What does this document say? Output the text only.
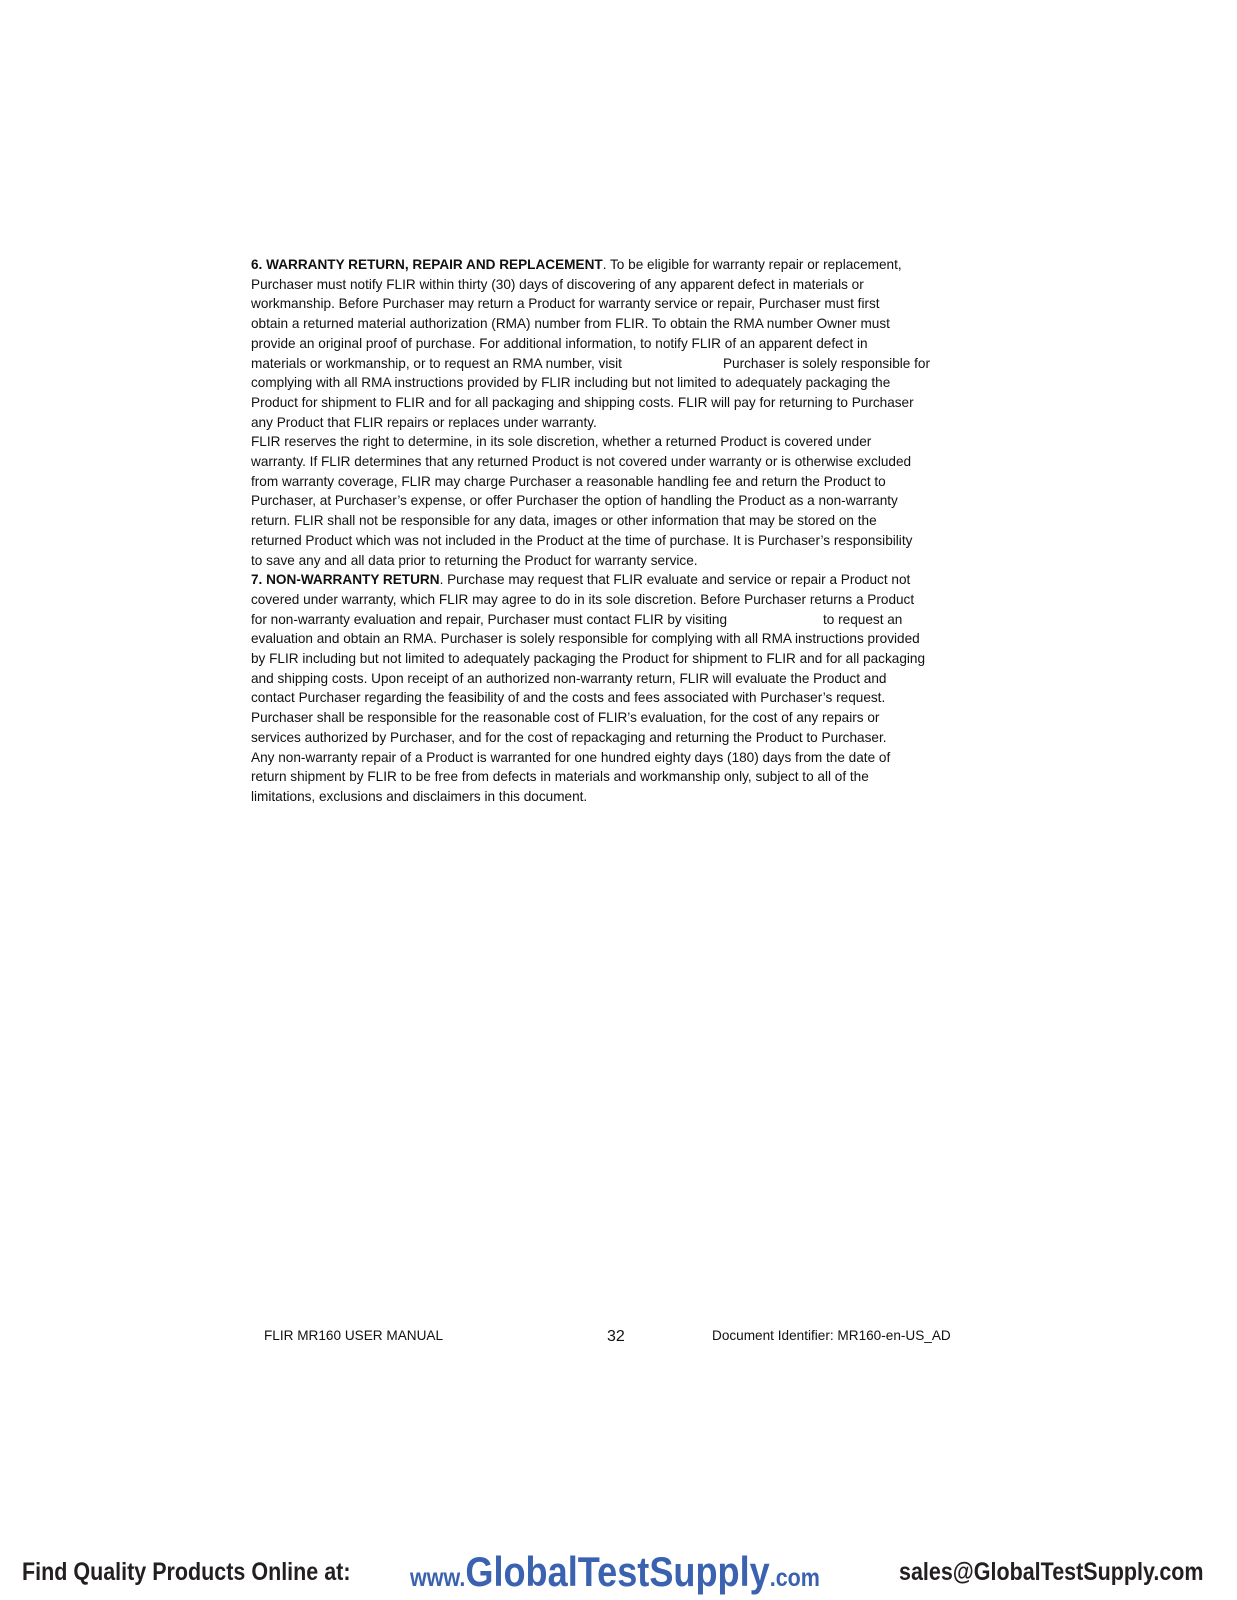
6. WARRANTY RETURN, REPAIR AND REPLACEMENT. To be eligible for warranty repair or replacement,
Purchaser must notify FLIR within thirty (30) days of discovering of any apparent defect in materials or
workmanship. Before Purchaser may return a Product for warranty service or repair, Purchaser must first
obtain a returned material authorization (RMA) number from FLIR. To obtain the RMA number Owner must
provide an original proof of purchase. For additional information, to notify FLIR of an apparent defect in
materials or workmanship, or to request an RMA number, visit	Purchaser is solely responsible for
complying with all RMA instructions provided by FLIR including but not limited to adequately packaging the
Product for shipment to FLIR and for all packaging and shipping costs. FLIR will pay for returning to Purchaser
any Product that FLIR repairs or replaces under warranty.
FLIR reserves the right to determine, in its sole discretion, whether a returned Product is covered under
warranty. If FLIR determines that any returned Product is not covered under warranty or is otherwise excluded
from warranty coverage, FLIR may charge Purchaser a reasonable handling fee and return the Product to
Purchaser, at Purchaser’s expense, or offer Purchaser the option of handling the Product as a non-warranty
return. FLIR shall not be responsible for any data, images or other information that may be stored on the
returned Product which was not included in the Product at the time of purchase. It is Purchaser’s responsibility
to save any and all data prior to returning the Product for warranty service.
7. NON-WARRANTY RETURN. Purchase may request that FLIR evaluate and service or repair a Product not
covered under warranty, which FLIR may agree to do in its sole discretion. Before Purchaser returns a Product
for non-warranty evaluation and repair, Purchaser must contact FLIR by visiting	to request an
evaluation and obtain an RMA. Purchaser is solely responsible for complying with all RMA instructions provided
by FLIR including but not limited to adequately packaging the Product for shipment to FLIR and for all packaging
and shipping costs. Upon receipt of an authorized non-warranty return, FLIR will evaluate the Product and
contact Purchaser regarding the feasibility of and the costs and fees associated with Purchaser’s request.
Purchaser shall be responsible for the reasonable cost of FLIR’s evaluation, for the cost of any repairs or
services authorized by Purchaser, and for the cost of repackaging and returning the Product to Purchaser.
Any non-warranty repair of a Product is warranted for one hundred eighty days (180) days from the date of
return shipment by FLIR to be free from defects in materials and workmanship only, subject to all of the
limitations, exclusions and disclaimers in this document.
FLIR MR160 USER MANUAL	32	Document Identifier: MR160-en-US_AD
Find Quality Products Online at: www.GlobalTestSupply.com	sales@GlobalTestSupply.com
